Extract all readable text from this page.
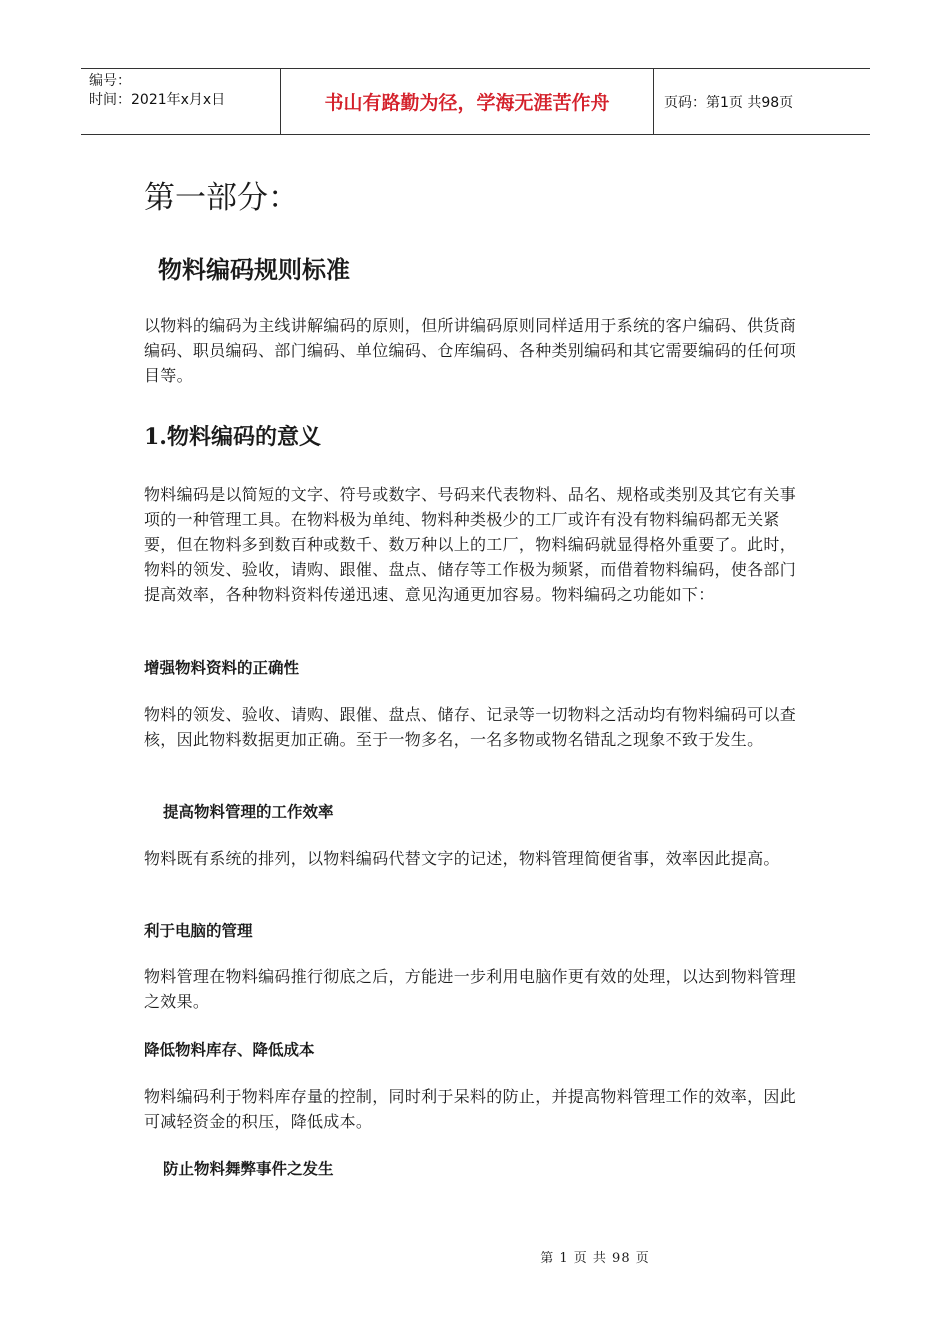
编号：
时间：2021年x月x日	书山有路勤为径，学海无涯苦作舟	页码：第1页 共98页
第一部分：
物料编码规则标准

以物料的编码为主线讲解编码的原则，但所讲编码原则同样适用于系统的客户编码、供货商编码、职员编码、部门编码、单位编码、仓库编码、各种类别编码和其它需要编码的任何项目等。

1.物料编码的意义

物料编码是以简短的文字、符号或数字、号码来代表物料、品名、规格或类别及其它有关事项的一种管理工具。在物料极为单纯、物料种类极少的工厂或许有没有物料编码都无关紧要，但在物料多到数百种或数千、数万种以上的工厂，物料编码就显得格外重要了。此时，物料的领发、验收，请购、跟催、盘点、储存等工作极为频紧，而借着物料编码，使各部门提高效率，各种物料资料传递迅速、意见沟通更加容易。物料编码之功能如下：

增强物料资料的正确性

物料的领发、验收、请购、跟催、盘点、储存、记录等一切物料之活动均有物料编码可以查核，因此物料数据更加正确。至于一物多名，一名多物或物名错乱之现象不致于发生。

提高物料管理的工作效率

物料既有系统的排列，以物料编码代替文字的记述，物料管理简便省事，效率因此提高。

利于电脑的管理

物料管理在物料编码推行彻底之后，方能进一步利用电脑作更有效的处理，以达到物料管理之效果。

降低物料库存、降低成本

物料编码利于物料库存量的控制，同时利于呆料的防止，并提高物料管理工作的效率，因此可减轻资金的积压，降低成本。

防止物料舞弊事件之发生
第 1 页 共 98 页
